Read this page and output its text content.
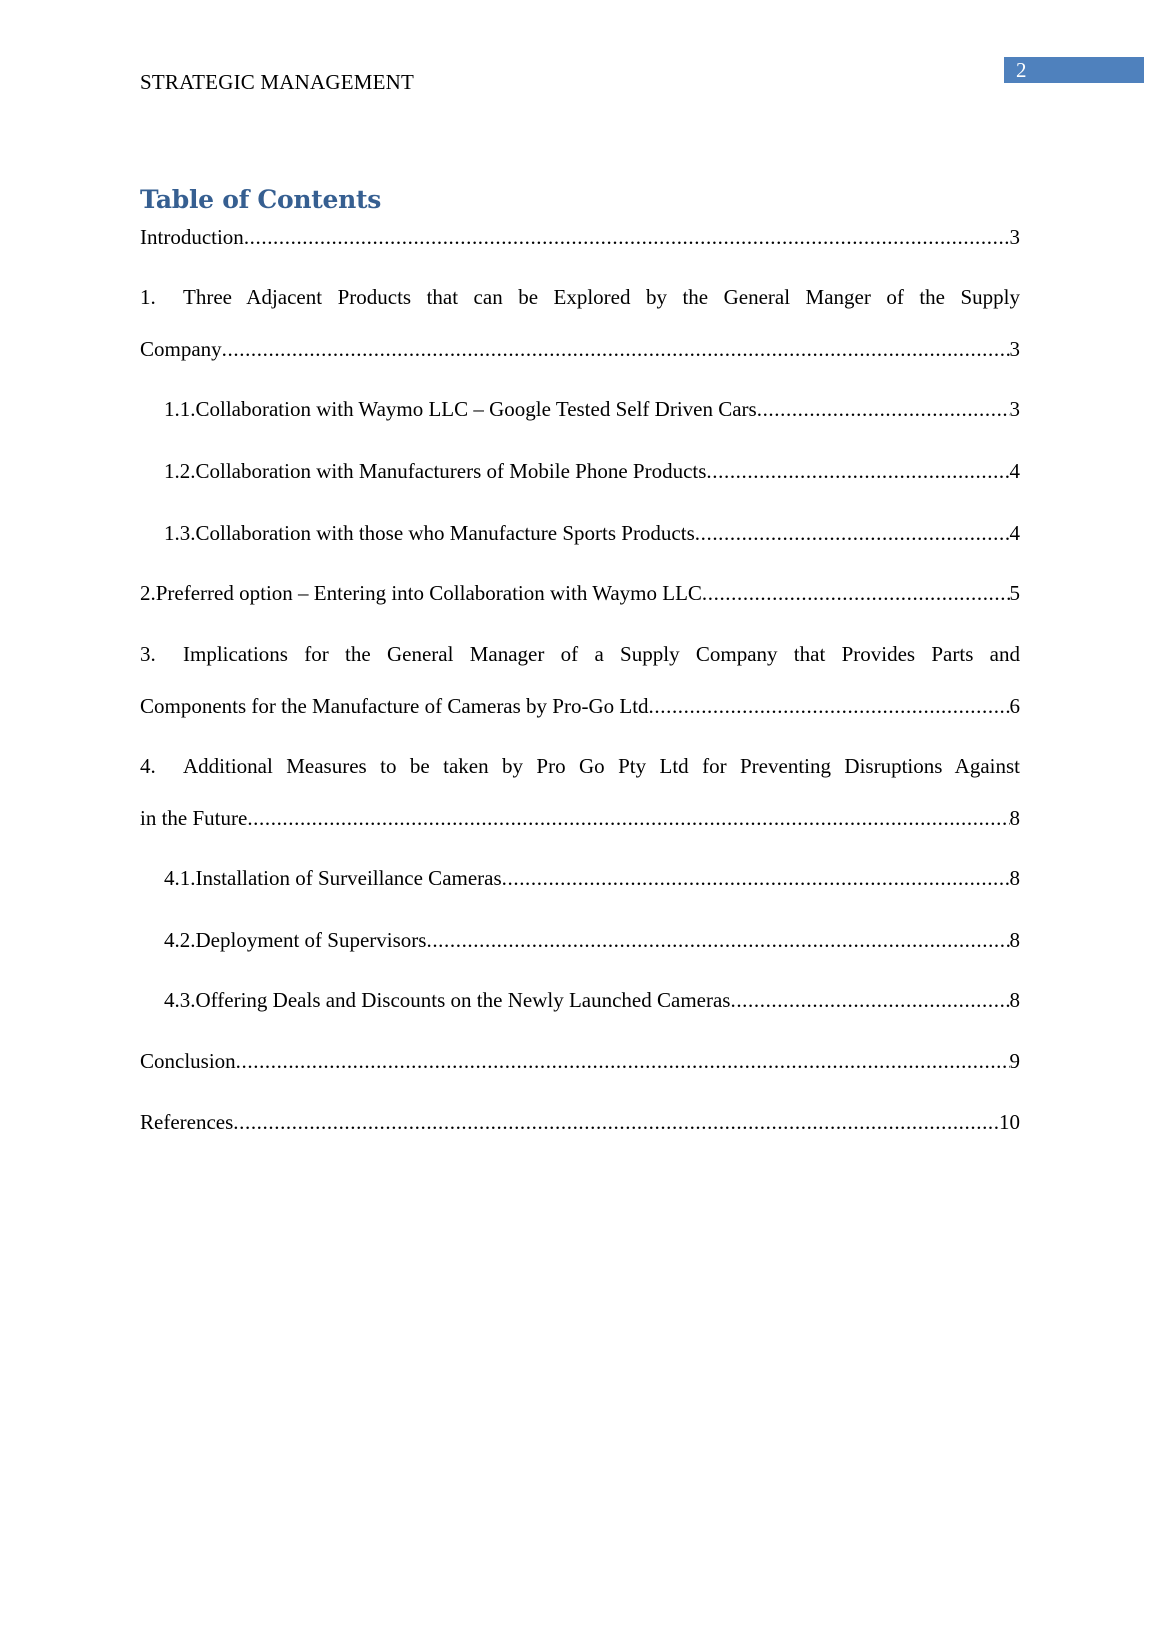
STRATEGIC MANAGEMENT	2
Table of Contents
Introduction .....	3
1. Three Adjacent Products that can be Explored by the General Manger of the Supply
Company .....	3
1.1. Collaboration with Waymo LLC – Google Tested Self Driven Cars .....	3
1.2. Collaboration with Manufacturers of Mobile Phone Products .....	4
1.3. Collaboration with those who Manufacture Sports Products .....	4
2. Preferred option – Entering into Collaboration with Waymo LLC .....	5
3. Implications for the General Manager of a Supply Company that Provides Parts and
Components for the Manufacture of Cameras by Pro-Go Ltd .....	6
4. Additional Measures to be taken by Pro Go Pty Ltd for Preventing Disruptions Against
in the Future .....	8
4.1. Installation of Surveillance Cameras .....	8
4.2. Deployment of Supervisors .....	8
4.3. Offering Deals and Discounts on the Newly Launched Cameras .....	8
Conclusion .....	9
References .....	10
